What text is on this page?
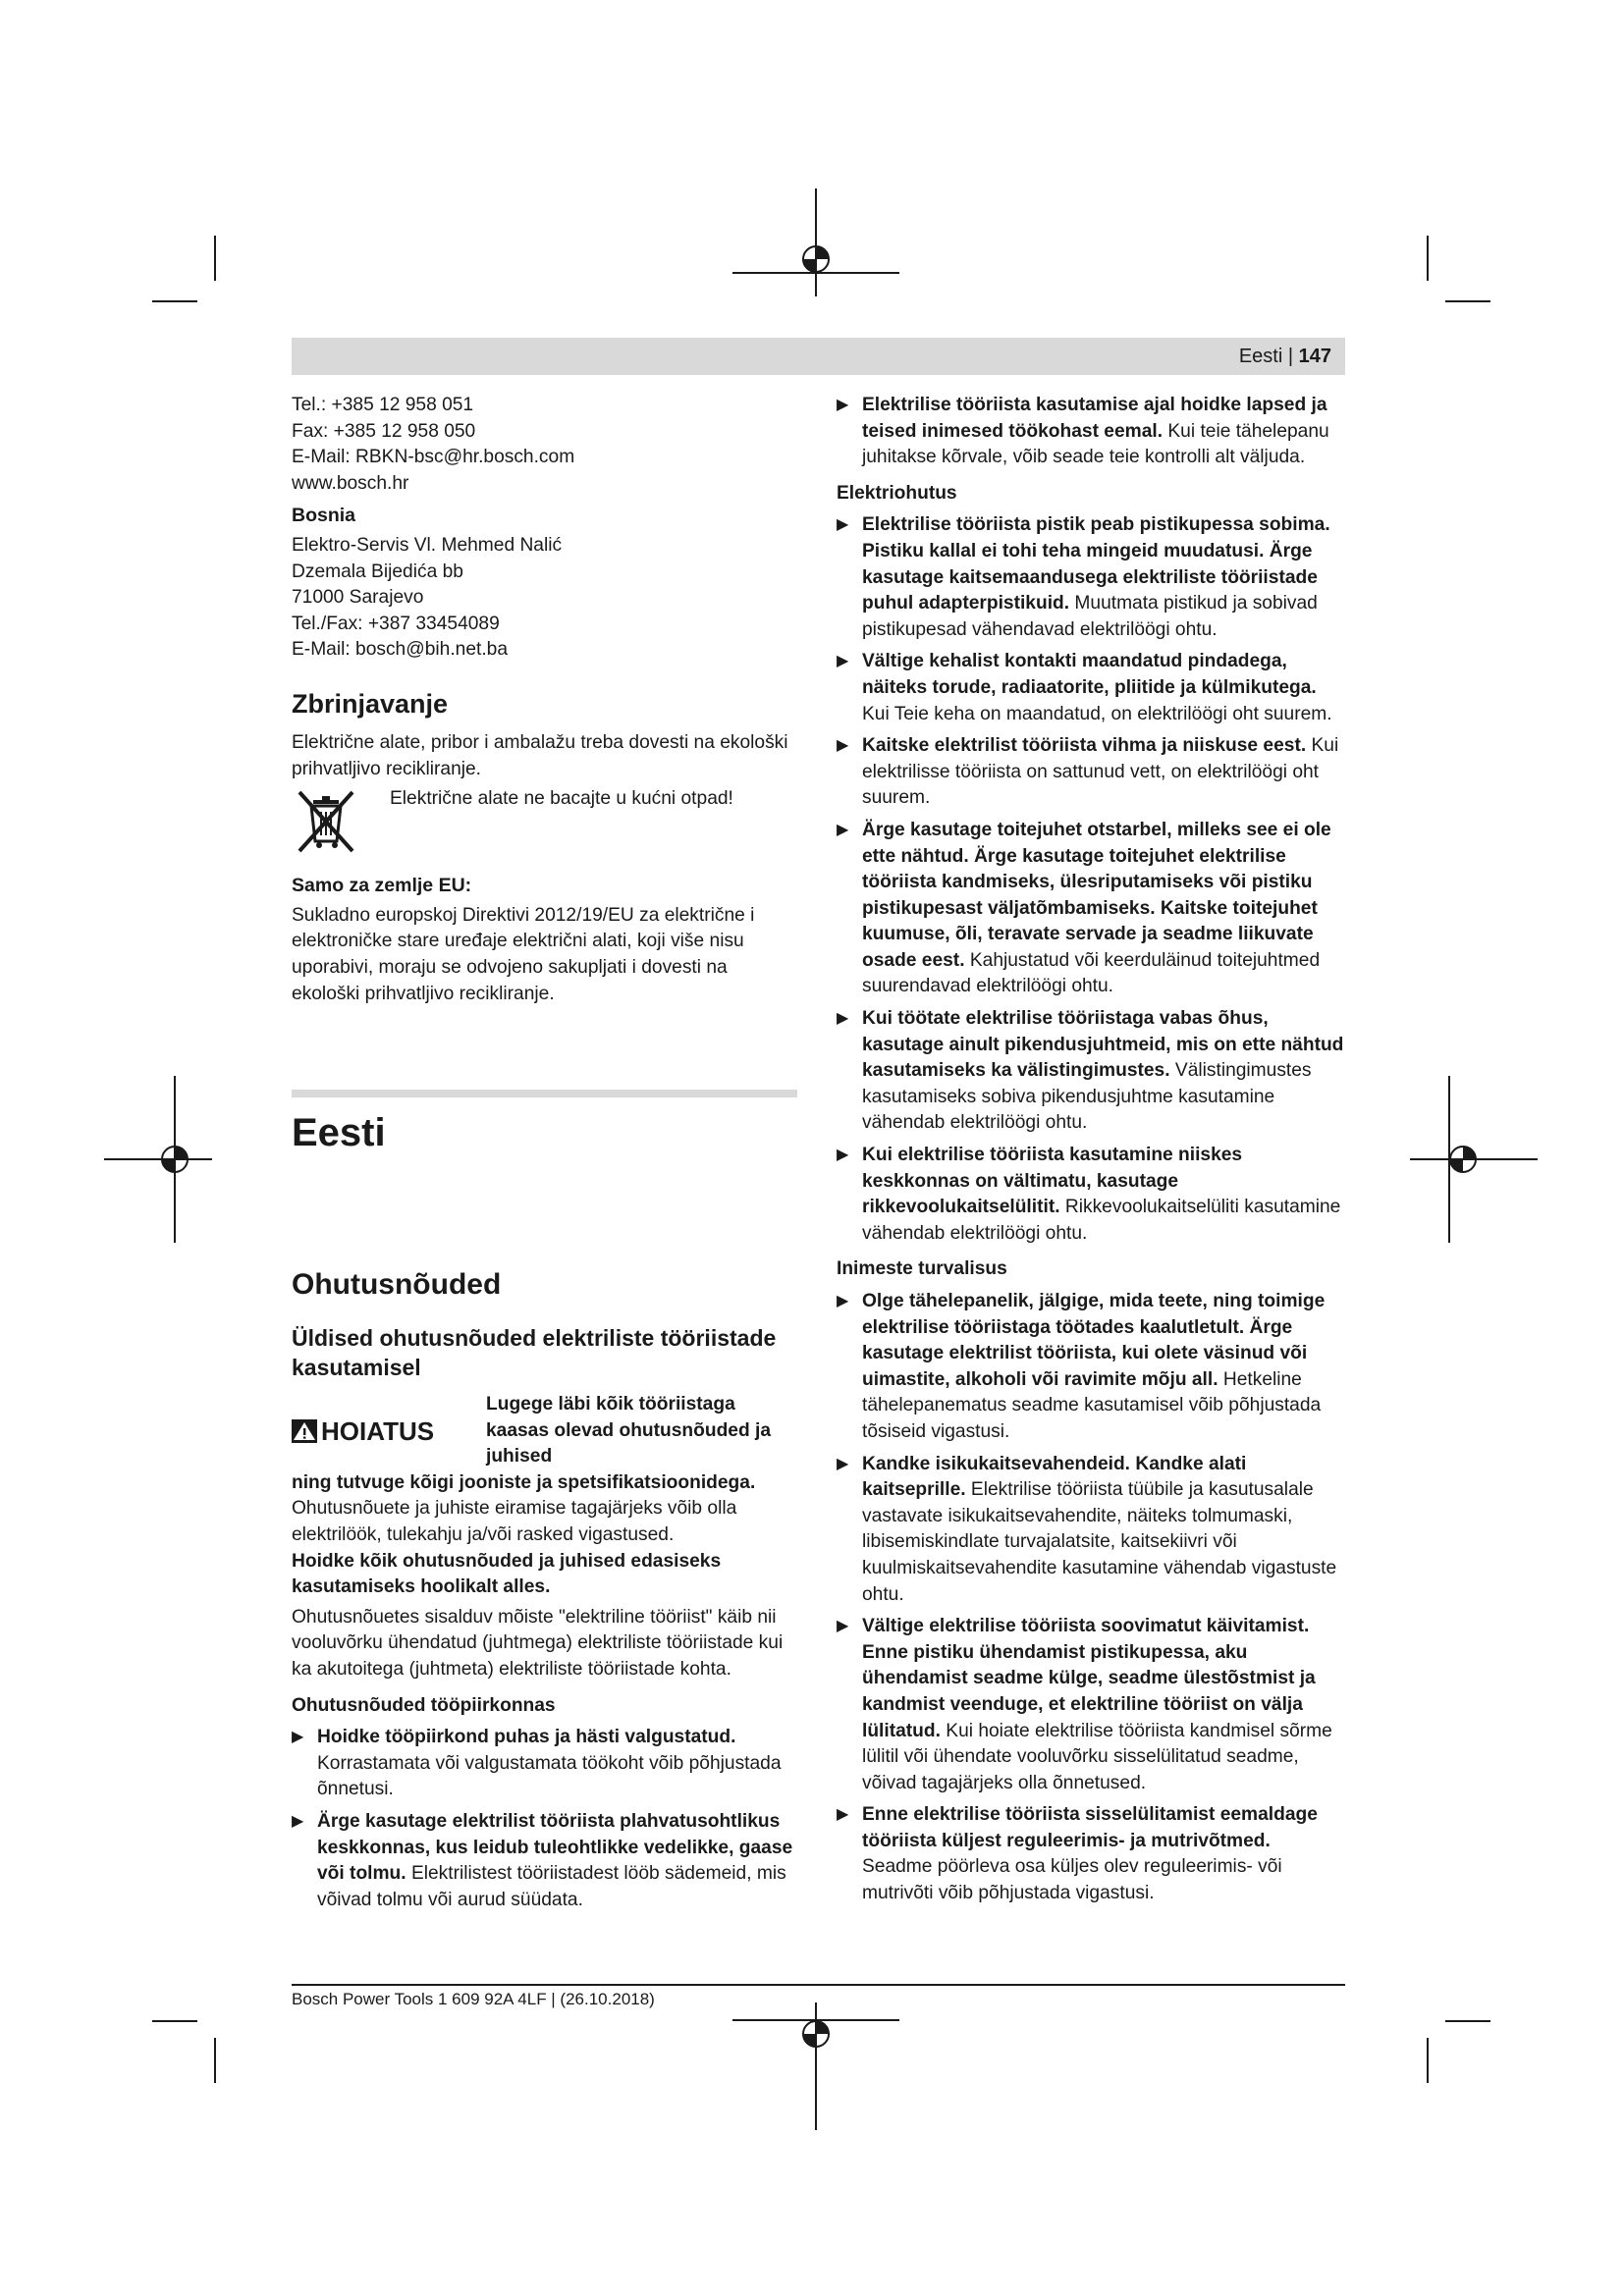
Eesti | 147

Tel.: +385 12 958 051

Fax: +385 12 958 050

E-Mail: RBKN-bsc@hr.bosch.com

www.bosch.hr

Bosnia

Elektro-Servis Vl. Mehmed Nalić

Dzemala Bijedića bb

71000 Sarajevo

Tel./Fax: +387 33454089

E-Mail: bosch@bih.net.ba

Zbrinjavanje

Električne alate, pribor i ambalažu treba dovesti na ekološki prihvatljivo recikliranje.

Električne alate ne bacajte u kućni otpad!

Samo za zemlje EU:

Sukladno europskoj Direktivi 2012/19/EU za električne i elektroničke stare uređaje električni alati, koji više nisu uporabivi, moraju se odvojeno sakupljati i dovesti na ekološki prihvatljivo recikliranje.

Eesti

Ohutusnõuded

Üldised ohutusnõuded elektriliste tööriistade kasutamisel

HOIATUS

Lugege läbi kõik tööriistaga kaasas olevad ohutusnõuded ja juhised

ning tutvuge kõigi jooniste ja spetsifikatsioonidega.

Ohutusnõuete ja juhiste eiramise tagajärjeks võib olla elektrilöök, tulekahju ja/või rasked vigastused.

Hoidke kõik ohutusnõuded ja juhised edasiseks kasutamiseks hoolikalt alles.

Ohutusnõuetes sisalduv mõiste "elektriline tööriist" käib nii vooluvõrku ühendatud (juhtmega) elektriliste tööriistade kui ka akutoitega (juhtmeta) elektriliste tööriistade kohta.

Ohutusnõuded tööpiirkonnas

▶ Hoidke tööpiirkond puhas ja hästi valgustatud. Korrastamata või valgustamata töökoht võib põhjustada õnnetusi.

▶ Ärge kasutage elektrilist tööriista plahvatusohtlikus keskkonnas, kus leidub tuleohtlikke vedelikke, gaase või tolmu. Elektrilistest tööriistadest lööb sädemeid, mis võivad tolmu või aurud süüdata.

▶ Elektrilise tööriista kasutamise ajal hoidke lapsed ja teised inimesed töökohast eemal. Kui teie tähelepanu juhitakse kõrvale, võib seade teie kontrolli alt väljuda.

Elektriohutus

▶ Elektrilise tööriista pistik peab pistikupessa sobima. Pistiku kallal ei tohi teha mingeid muudatusi. Ärge kasutage kaitsemaandusega elektriliste tööriistade puhul adapterpistikuid. Muutmata pistikud ja sobivad pistikupesad vähendavad elektrilöögi ohtu.

▶ Vältige kehalist kontakti maandatud pindadega, näiteks torude, radiaatorite, pliitide ja külmikutega. Kui Teie keha on maandatud, on elektrilöögi oht suurem.

▶ Kaitske elektrilist tööriista vihma ja niiskuse eest. Kui elektrilisse tööriista on sattunud vett, on elektrilöögi oht suurem.

▶ Ärge kasutage toitejuhet otstarbel, milleks see ei ole ette nähtud. Ärge kasutage toitejuhet elektrilise tööriista kandmiseks, ülesriputamiseks või pistiku pistikupesast väljatõmbamiseks. Kaitske toitejuhet kuumuse, õli, teravate servade ja seadme liikuvate osade eest. Kahjustatud või keerduläinud toitejuhtmed suurendavad elektrilöögi ohtu.

▶ Kui töötate elektrilise tööriistaga vabas õhus, kasutage ainult pikendusjuhtmeid, mis on ette nähtud kasutamiseks ka välistingimustes. Välistingimustes kasutamiseks sobiva pikendusjuhtme kasutamine vähendab elektrilöögi ohtu.

▶ Kui elektrilise tööriista kasutamine niiskes keskkonnas on vältimatu, kasutage rikkevoolukaitselülitit. Rikkevoolukaitselüliti kasutamine vähendab elektrilöögi ohtu.

Inimeste turvalisus

▶ Olge tähelepanelik, jälgige, mida teete, ning toimige elektrilise tööriistaga töötades kaalutletult. Ärge kasutage elektrilist tööriista, kui olete väsinud või uimastite, alkoholi või ravimite mõju all. Hetkeline tähelepanematus seadme kasutamisel võib põhjustada tõsiseid vigastusi.

▶ Kandke isikukaitsevahendeid. Kandke alati kaitseprille. Elektrilise tööriista tüübile ja kasutusalale vastavate isikukaitsevahendite, näiteks tolmumaski, libisemiskindlate turvajalatsite, kaitsekiivri või kuulmiskaitsevahendite kasutamine vähendab vigastuste ohtu.

▶ Vältige elektrilise tööriista soovimatut käivitamist. Enne pistiku ühendamist pistikupessa, aku ühendamist seadme külge, seadme ülestõstmist ja kandmist veenduge, et elektriline tööriist on välja lülitatud. Kui hoiate elektrilise tööriista kandmisel sõrme lülitil või ühendate vooluvõrku sisselülitatud seadme, võivad tagajärjeks olla õnnetused.

▶ Enne elektrilise tööriista sisselülitamist eemaldage tööriista küljest reguleerimis- ja mutrivõtmed. Seadme pöörleva osa küljes olev reguleerimis- või mutrivõti võib põhjustada vigastusi.

Bosch Power Tools 1 609 92A 4LF | (26.10.2018)
